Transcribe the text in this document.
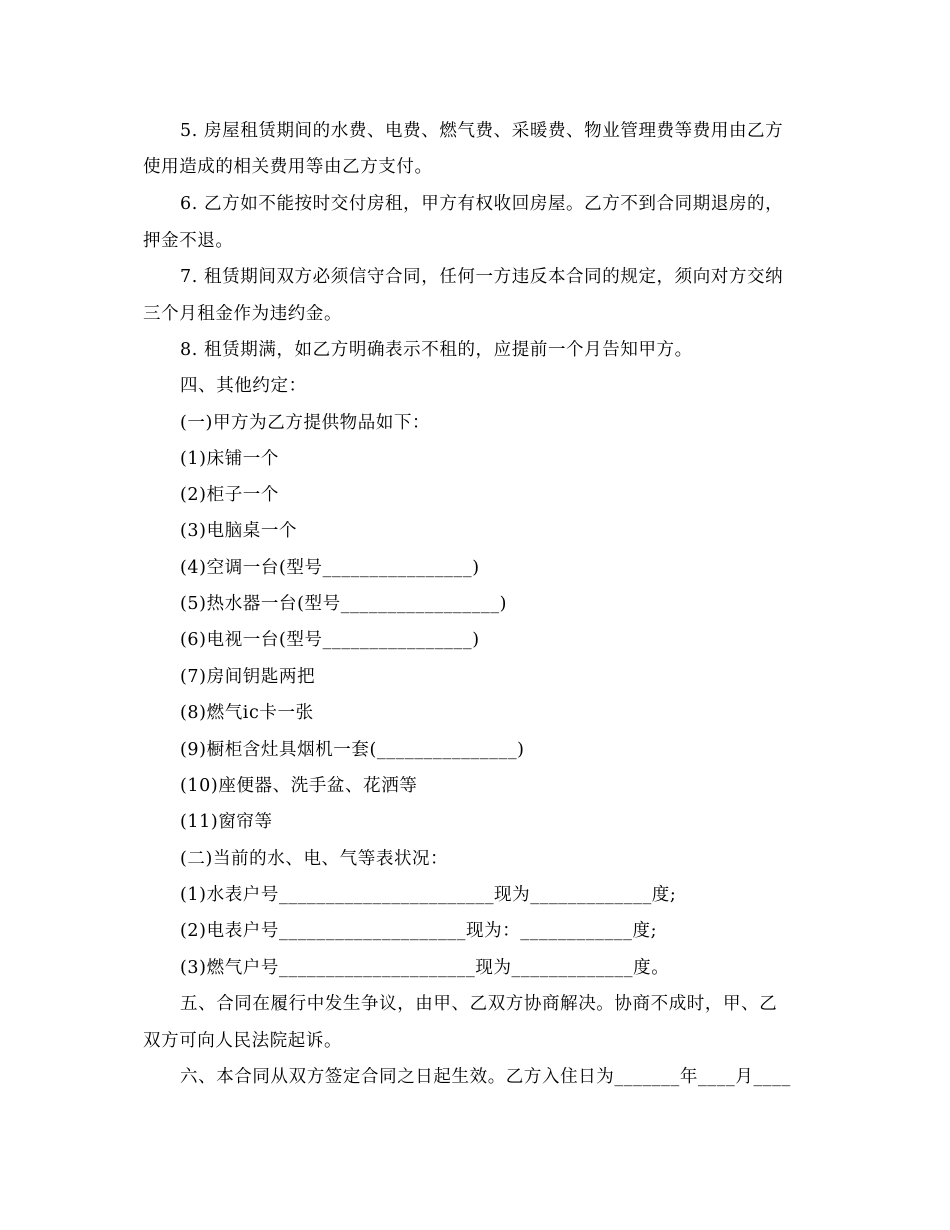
5. 房屋租赁期间的水费、电费、燃气费、采暖费、物业管理费等费用由乙方
使用造成的相关费用等由乙方支付。
6. 乙方如不能按时交付房租，甲方有权收回房屋。乙方不到合同期退房的，
押金不退。
7. 租赁期间双方必须信守合同，任何一方违反本合同的规定，须向对方交纳
三个月租金作为违约金。
8. 租赁期满，如乙方明确表示不租的，应提前一个月告知甲方。
四、其他约定：
(一)甲方为乙方提供物品如下：
(1)床铺一个
(2)柜子一个
(3)电脑桌一个
(4)空调一台(型号________________)
(5)热水器一台(型号_________________)
(6)电视一台(型号________________)
(7)房间钥匙两把
(8)燃气ic卡一张
(9)橱柜含灶具烟机一套(_______________)
(10)座便器、洗手盆、花洒等
(11)窗帘等
(二)当前的水、电、气等表状况：
(1)水表户号_______________________现为_____________度;
(2)电表户号____________________现为：____________度;
(3)燃气户号_____________________现为_____________度。
五、合同在履行中发生争议，由甲、乙双方协商解决。协商不成时，甲、乙
双方可向人民法院起诉。
六、本合同从双方签定合同之日起生效。乙方入住日为_______年____月____
